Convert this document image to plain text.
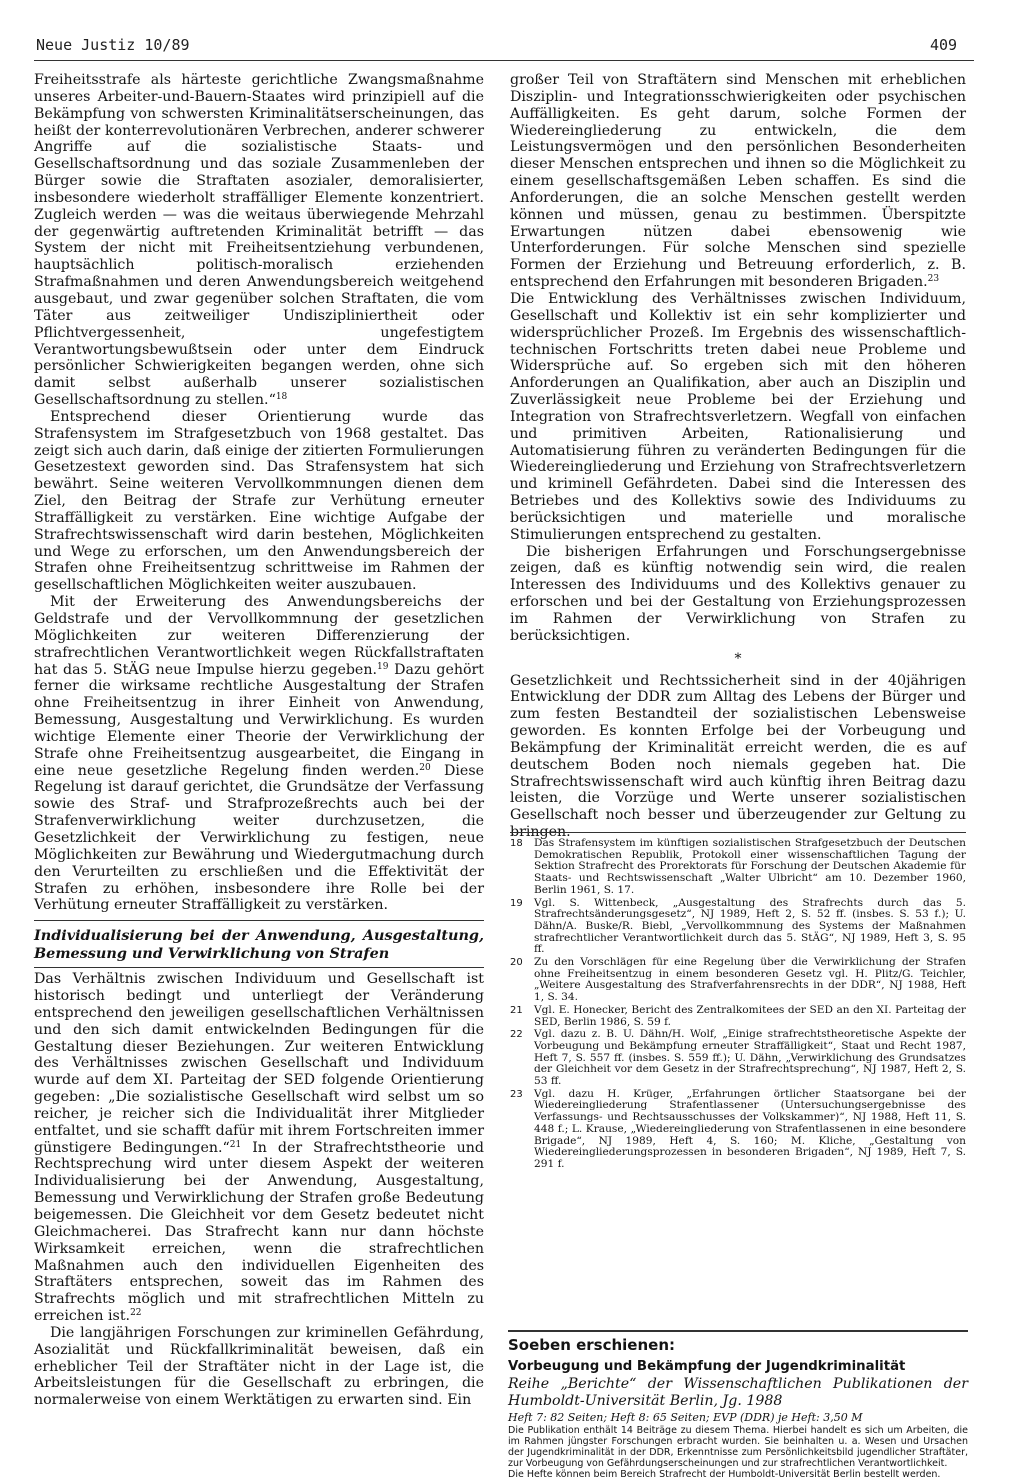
Neue Justiz 10/89	409

Freiheitsstrafe als härteste gerichtliche Zwangsmaßnahme unseres Arbeiter-und-Bauern-Staates wird prinzipiell auf die Bekämpfung von schwersten Kriminalitätserscheinungen, das heißt der konterrevolutionären Verbrechen, anderer schwerer Angriffe auf die sozialistische Staats- und Gesellschaftsordnung und das soziale Zusammenleben der Bürger sowie die Straftaten asozialer, demoralisierter, insbesondere wiederholt straffälliger Elemente konzentriert. Zugleich werden — was die weitaus überwiegende Mehrzahl der gegenwärtig auftretenden Kriminalität betrifft — das System der nicht mit Freiheitsentziehung verbundenen, hauptsächlich politisch-moralisch erziehenden Strafmaßnahmen und deren Anwendungsbereich weitgehend ausgebaut, und zwar gegenüber solchen Straftaten, die vom Täter aus zeitweiliger Undiszipliniertheit oder Pflichtvergessenheit, ungefestigtem Verantwortungsbewußtsein oder unter dem Eindruck persönlicher Schwierigkeiten begangen werden, ohne sich damit selbst außerhalb unserer sozialistischen Gesellschaftsordnung zu stellen.“$^{18}$

Entsprechend dieser Orientierung wurde das Strafensystem im Strafgesetzbuch von 1968 gestaltet. Das zeigt sich auch darin, daß einige der zitierten Formulierungen Gesetzestext geworden sind. Das Strafensystem hat sich bewährt. Seine weiteren Vervollkommnungen dienen dem Ziel, den Beitrag der Strafe zur Verhütung erneuter Straffälligkeit zu verstärken. Eine wichtige Aufgabe der Strafrechtswissenschaft wird darin bestehen, Möglichkeiten und Wege zu erforschen, um den Anwendungsbereich der Strafen ohne Freiheitsentzug schrittweise im Rahmen der gesellschaftlichen Möglichkeiten weiter auszubauen.

Mit der Erweiterung des Anwendungsbereichs der Geldstrafe und der Vervollkommnung der gesetzlichen Möglichkeiten zur weiteren Differenzierung der strafrechtlichen Verantwortlichkeit wegen Rückfallstraftaten hat das 5. StÄG neue Impulse hierzu gegeben.$^{19}$ Dazu gehört ferner die wirksame rechtliche Ausgestaltung der Strafen ohne Freiheitsentzug in ihrer Einheit von Anwendung, Bemessung, Ausgestaltung und Verwirklichung. Es wurden wichtige Elemente einer Theorie der Verwirklichung der Strafe ohne Freiheitsentzug ausgearbeitet, die Eingang in eine neue gesetzliche Regelung finden werden.$^{20}$ Diese Regelung ist darauf gerichtet, die Grundsätze der Verfassung sowie des Straf- und Strafprozeßrechts auch bei der Strafenverwirklichung weiter durchzusetzen, die Gesetzlichkeit der Verwirklichung zu festigen, neue Möglichkeiten zur Bewährung und Wiedergutmachung durch den Verurteilten zu erschließen und die Effektivität der Strafen zu erhöhen, insbesondere ihre Rolle bei der Verhütung erneuter Straffälligkeit zu verstärken.

Individualisierung bei der Anwendung, Ausgestaltung, Bemessung und Verwirklichung von Strafen

Das Verhältnis zwischen Individuum und Gesellschaft ist historisch bedingt und unterliegt der Veränderung entsprechend den jeweiligen gesellschaftlichen Verhältnissen und den sich damit entwickelnden Bedingungen für die Gestaltung dieser Beziehungen. Zur weiteren Entwicklung des Verhältnisses zwischen Gesellschaft und Individuum wurde auf dem XI. Parteitag der SED folgende Orientierung gegeben: „Die sozialistische Gesellschaft wird selbst um so reicher, je reicher sich die Individualität ihrer Mitglieder entfaltet, und sie schafft dafür mit ihrem Fortschreiten immer günstigere Bedingungen.“$^{21}$ In der Strafrechtstheorie und Rechtsprechung wird unter diesem Aspekt der weiteren Individualisierung bei der Anwendung, Ausgestaltung, Bemessung und Verwirklichung der Strafen große Bedeutung beigemessen. Die Gleichheit vor dem Gesetz bedeutet nicht Gleichmacherei. Das Strafrecht kann nur dann höchste Wirksamkeit erreichen, wenn die strafrechtlichen Maßnahmen auch den individuellen Eigenheiten des Straftäters entsprechen, soweit das im Rahmen des Strafrechts möglich und mit strafrechtlichen Mitteln zu erreichen ist.$^{22}$

Die langjährigen Forschungen zur kriminellen Gefährdung, Asozialität und Rückfallkriminalität beweisen, daß ein erheblicher Teil der Straftäter nicht in der Lage ist, die Arbeitsleistungen für die Gesellschaft zu erbringen, die normalerweise von einem Werktätigen zu erwarten sind. Ein

großer Teil von Straftätern sind Menschen mit erheblichen Disziplin- und Integrationsschwierigkeiten oder psychischen Auffälligkeiten. Es geht darum, solche Formen der Wiedereingliederung zu entwickeln, die dem Leistungsvermögen und den persönlichen Besonderheiten dieser Menschen entsprechen und ihnen so die Möglichkeit zu einem gesellschaftsgemäßen Leben schaffen. Es sind die Anforderungen, die an solche Menschen gestellt werden können und müssen, genau zu bestimmen. Überspitzte Erwartungen nützen dabei ebensowenig wie Unterforderungen. Für solche Menschen sind spezielle Formen der Erziehung und Betreuung erforderlich, z. B. entsprechend den Erfahrungen mit besonderen Brigaden.$^{23}$

Die Entwicklung des Verhältnisses zwischen Individuum, Gesellschaft und Kollektiv ist ein sehr komplizierter und widersprüchlicher Prozeß. Im Ergebnis des wissenschaftlich-technischen Fortschritts treten dabei neue Probleme und Widersprüche auf. So ergeben sich mit den höheren Anforderungen an Qualifikation, aber auch an Disziplin und Zuverlässigkeit neue Probleme bei der Erziehung und Integration von Strafrechtsverletzern. Wegfall von einfachen und primitiven Arbeiten, Rationalisierung und Automatisierung führen zu veränderten Bedingungen für die Wiedereingliederung und Erziehung von Strafrechtsverletzern und kriminell Gefährdeten. Dabei sind die Interessen des Betriebes und des Kollektivs sowie des Individuums zu berücksichtigen und materielle und moralische Stimulierungen entsprechend zu gestalten.

Die bisherigen Erfahrungen und Forschungsergebnisse zeigen, daß es künftig notwendig sein wird, die realen Interessen des Individuums und des Kollektivs genauer zu erforschen und bei der Gestaltung von Erziehungsprozessen im Rahmen der Verwirklichung von Strafen zu berücksichtigen.

*

Gesetzlichkeit und Rechtssicherheit sind in der 40jährigen Entwicklung der DDR zum Alltag des Lebens der Bürger und zum festen Bestandteil der sozialistischen Lebensweise geworden. Es konnten Erfolge bei der Vorbeugung und Bekämpfung der Kriminalität erreicht werden, die es auf deutschem Boden noch niemals gegeben hat. Die Strafrechtswissenschaft wird auch künftig ihren Beitrag dazu leisten, die Vorzüge und Werte unserer sozialistischen Gesellschaft noch besser und überzeugender zur Geltung zu bringen.

18	Das Strafensystem im künftigen sozialistischen Strafgesetzbuch der Deutschen Demokratischen Republik, Protokoll einer wissenschaftlichen Tagung der Sektion Strafrecht des Prorektorats für Forschung der Deutschen Akademie für Staats- und Rechtswissenschaft „Walter Ulbricht“ am 10. Dezember 1960, Berlin 1961, S. 17.
19	Vgl. S. Wittenbeck, „Ausgestaltung des Strafrechts durch das 5. Strafrechtsänderungsgesetz“, NJ 1989, Heft 2, S. 52 ff. (insbes. S. 53 f.); U. Dähn/A. Buske/R. Biebl, „Vervollkommnung des Systems der Maßnahmen strafrechtlicher Verantwortlichkeit durch das 5. StÄG“, NJ 1989, Heft 3, S. 95 ff.
20	Zu den Vorschlägen für eine Regelung über die Verwirklichung der Strafen ohne Freiheitsentzug in einem besonderen Gesetz vgl. H. Plitz/G. Teichler, „Weitere Ausgestaltung des Strafverfahrensrechts in der DDR“, NJ 1988, Heft 1, S. 34.
21	Vgl. E. Honecker, Bericht des Zentralkomitees der SED an den XI. Parteitag der SED, Berlin 1986, S. 59 f.
22	Vgl. dazu z. B. U. Dähn/H. Wolf, „Einige strafrechtstheoretische Aspekte der Vorbeugung und Bekämpfung erneuter Straffälligkeit“, Staat und Recht 1987, Heft 7, S. 557 ff. (insbes. S. 559 ff.); U. Dähn, „Verwirklichung des Grundsatzes der Gleichheit vor dem Gesetz in der Strafrechtsprechung“, NJ 1987, Heft 2, S. 53 ff.
23	Vgl. dazu H. Krüger, „Erfahrungen örtlicher Staatsorgane bei der Wiedereingliederung Strafentlassener (Untersuchungsergebnisse des Verfassungs- und Rechtsausschusses der Volkskammer)“, NJ 1988, Heft 11, S. 448 f.; L. Krause, „Wiedereingliederung von Strafentlassenen in eine besondere Brigade“, NJ 1989, Heft 4, S. 160; M. Kliche, „Gestaltung von Wiedereingliederungsprozessen in besonderen Brigaden“, NJ 1989, Heft 7, S. 291 f.
Soeben erschienen:
Vorbeugung und Bekämpfung der Jugendkriminalität

Reihe „Berichte“ der Wissenschaftlichen Publikationen der Humboldt-Universität Berlin, Jg. 1988

Heft 7: 82 Seiten; Heft 8: 65 Seiten; EVP (DDR) je Heft: 3,50 M

Die Publikation enthält 14 Beiträge zu diesem Thema. Hierbei handelt es sich um Arbeiten, die im Rahmen jüngster Forschungen erbracht wurden. Sie beinhalten u. a. Wesen und Ursachen der Jugendkriminalität in der DDR, Erkenntnisse zum Persönlichkeitsbild jugendlicher Straftäter, zur Vorbeugung von Gefährdungserscheinungen und zur strafrechtlichen Verantwortlichkeit.

Die Hefte können beim Bereich Strafrecht der Humboldt-Universität Berlin bestellt werden.
